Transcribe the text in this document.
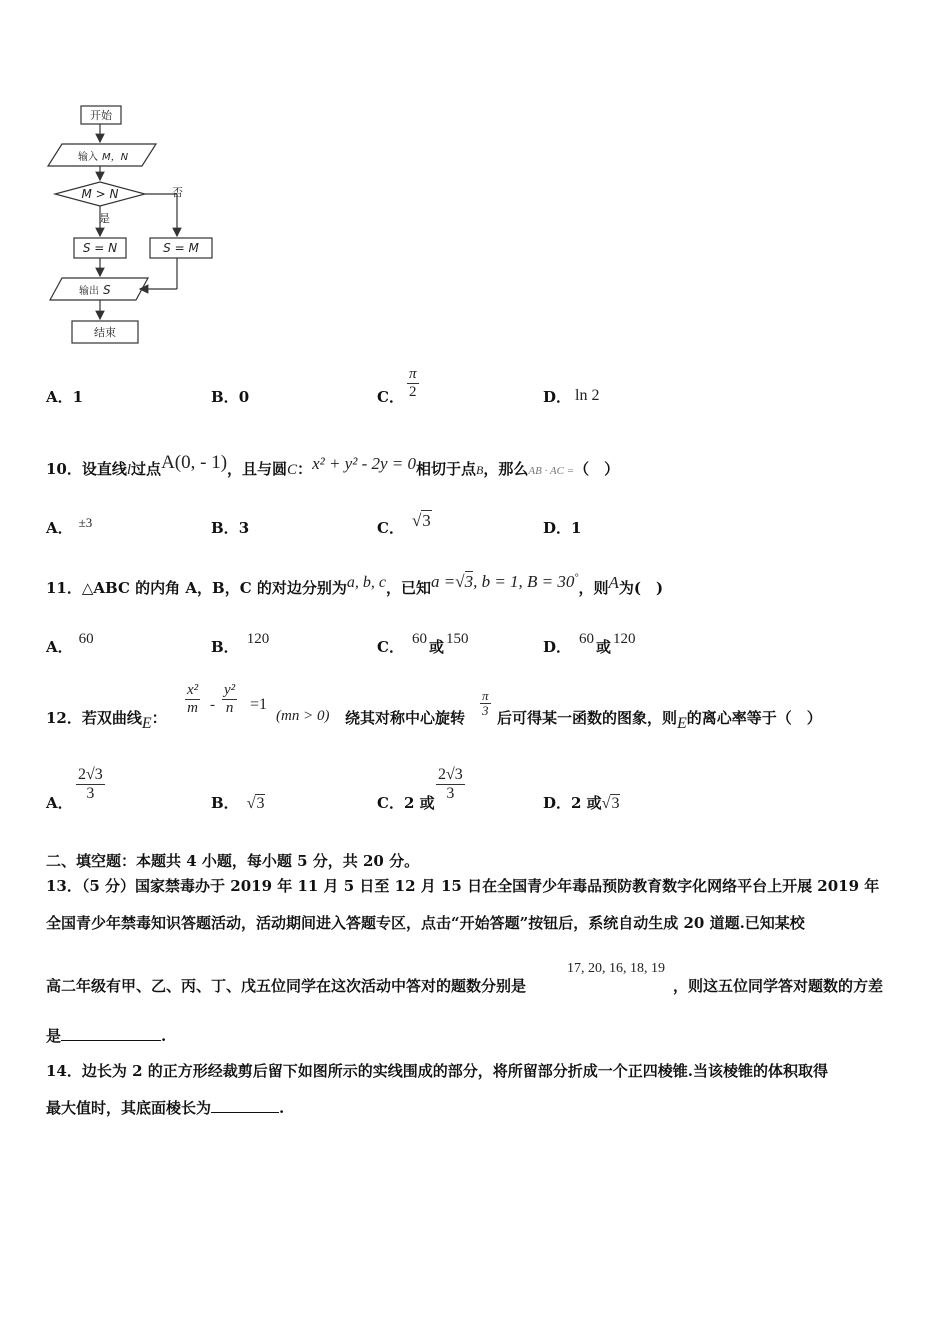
开始
输入 M，N
M > N	否
是
S = N	S = M
输出 S
结束
A．1	B．0	C． $\frac{\pi}{2}$	D． ln 2
10．设直线l过点A(0, - 1)，且与圆C：x² + y² - 2y = 0相切于点B，那么AB · AC =（　）
A． ±3	B．3	C． √3	D．1
11．△ABC 的内角 A，B，C 的对边分别为a, b, c，已知a =√3, b = 1, B = 30°，则A为(　)
A． 60	B． 120	C． 60 或 150	D． 60 或 120
12．若双曲线E：
$\frac{\text{x²}}{m} - \frac{\text{y²}}{n} =1$
(mn > 0) 绕其对称中心旋转 $\frac{\pi}{3}$ 后可得某一函数的图象，则E的离心率等于（　）
A．
$\frac{2√3}{3}$
B． √3	C．2 或
$\frac{2√3}{3}$
D．2 或√3
二、填空题：本题共 4 小题，每小题 5 分，共 20 分。
13．（5 分）国家禁毒办于 2019 年 11 月 5 日至 12 月 15 日在全国青少年毒品预防教育数字化网络平台上开展 2019 年
全国青少年禁毒知识答题活动，活动期间进入答题专区，点击“开始答题”按钮后，系统自动生成 20 道题.已知某校
高二年级有甲、乙、丙、丁、戊五位同学在这次活动中答对的题数分别是
17, 20, 16, 18, 19
，则这五位同学答对题数的方差
是	.
14．边长为 2 的正方形经裁剪后留下如图所示的实线围成的部分，将所留部分折成一个正四棱锥.当该棱锥的体积取得
最大值时，其底面棱长为	.
